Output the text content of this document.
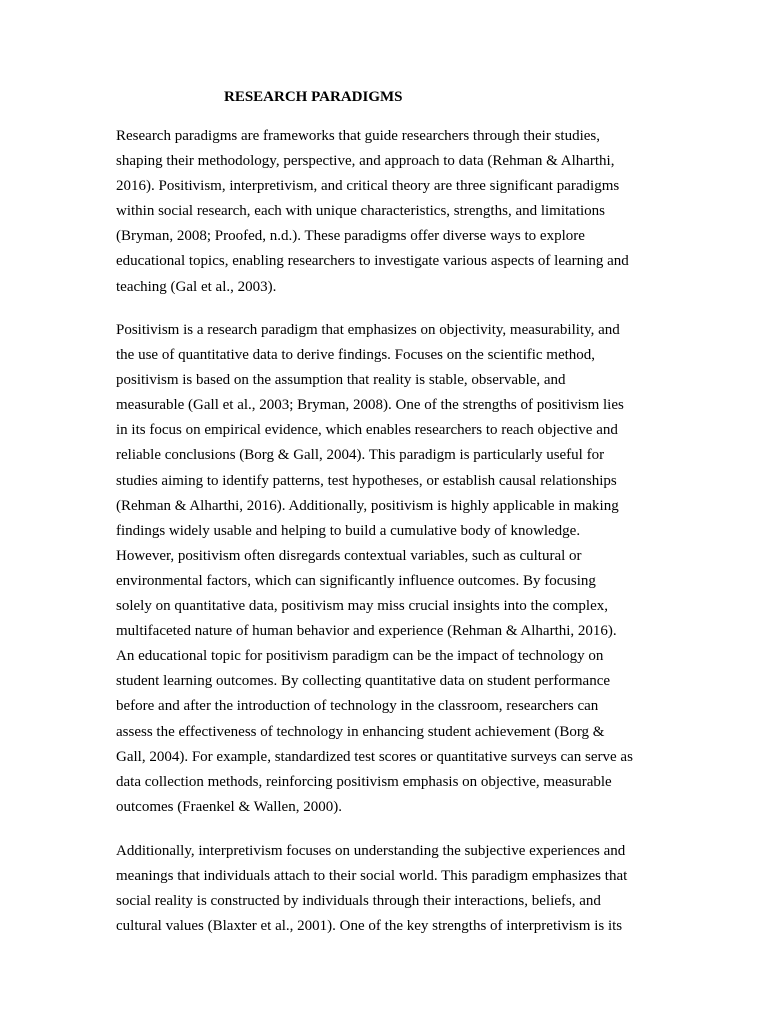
RESEARCH PARADIGMS

Research paradigms are frameworks that guide researchers through their studies,
shaping their methodology, perspective, and approach to data (Rehman & Alharthi,
2016). Positivism, interpretivism, and critical theory are three significant paradigms
within social research, each with unique characteristics, strengths, and limitations
(Bryman, 2008; Proofed, n.d.). These paradigms offer diverse ways to explore
educational topics, enabling researchers to investigate various aspects of learning and
teaching (Gal et al., 2003).

Positivism is a research paradigm that emphasizes on objectivity, measurability, and
the use of quantitative data to derive findings. Focuses on the scientific method,
positivism is based on the assumption that reality is stable, observable, and
measurable (Gall et al., 2003; Bryman, 2008). One of the strengths of positivism lies
in its focus on empirical evidence, which enables researchers to reach objective and
reliable conclusions (Borg & Gall, 2004). This paradigm is particularly useful for
studies aiming to identify patterns, test hypotheses, or establish causal relationships
(Rehman & Alharthi, 2016). Additionally, positivism is highly applicable in making
findings widely usable and helping to build a cumulative body of knowledge.
However, positivism often disregards contextual variables, such as cultural or
environmental factors, which can significantly influence outcomes. By focusing
solely on quantitative data, positivism may miss crucial insights into the complex,
multifaceted nature of human behavior and experience (Rehman & Alharthi, 2016).
An educational topic for positivism paradigm can be the impact of technology on
student learning outcomes. By collecting quantitative data on student performance
before and after the introduction of technology in the classroom, researchers can
assess the effectiveness of technology in enhancing student achievement (Borg &
Gall, 2004). For example, standardized test scores or quantitative surveys can serve as
data collection methods, reinforcing positivism emphasis on objective, measurable
outcomes (Fraenkel & Wallen, 2000).

Additionally, interpretivism focuses on understanding the subjective experiences and
meanings that individuals attach to their social world. This paradigm emphasizes that
social reality is constructed by individuals through their interactions, beliefs, and
cultural values (Blaxter et al., 2001). One of the key strengths of interpretivism is its
